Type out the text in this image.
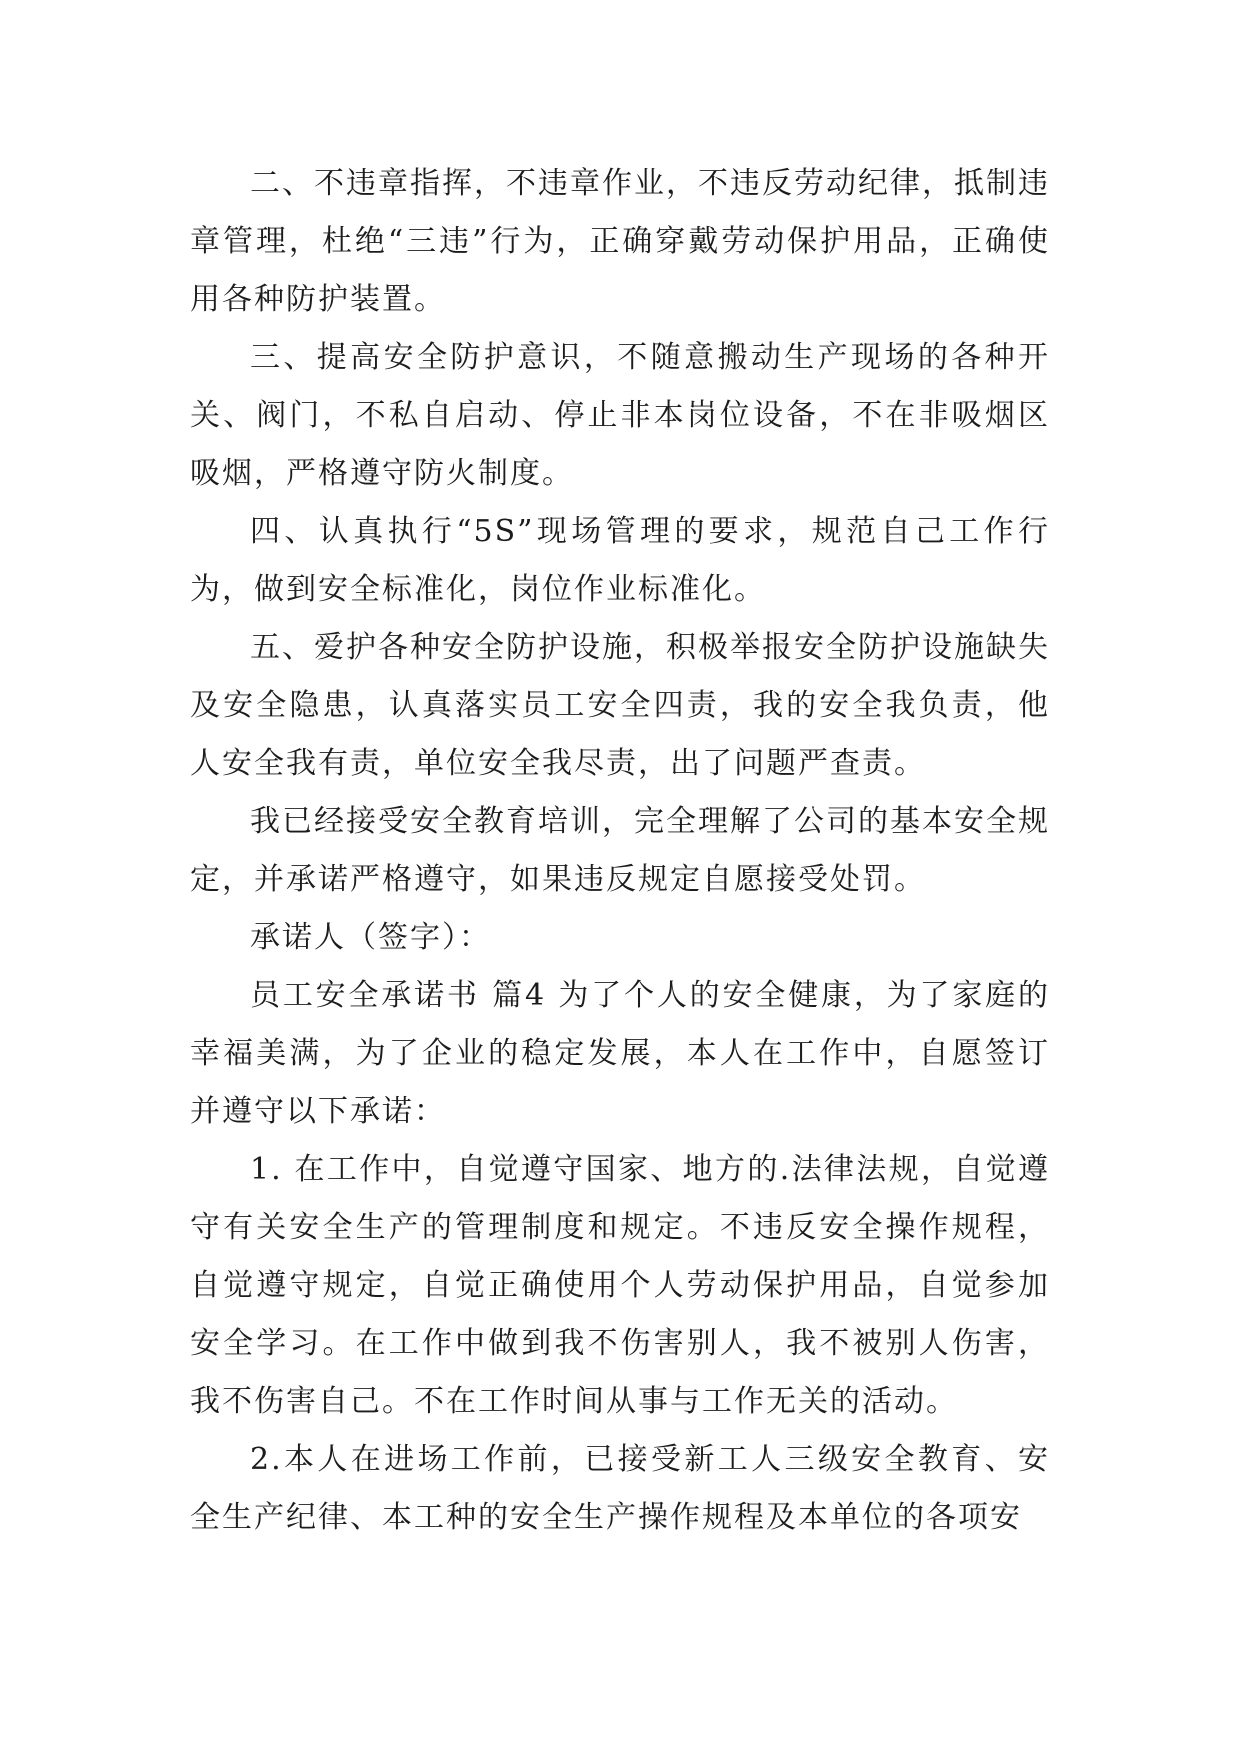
二、不违章指挥，不违章作业，不违反劳动纪律，抵制违章管理，杜绝“三违”行为，正确穿戴劳动保护用品，正确使用各种防护装置。

三、提高安全防护意识，不随意搬动生产现场的各种开关、阀门，不私自启动、停止非本岗位设备，不在非吸烟区吸烟，严格遵守防火制度。

四、认真执行“5S”现场管理的要求，规范自己工作行为，做到安全标准化，岗位作业标准化。

五、爱护各种安全防护设施，积极举报安全防护设施缺失及安全隐患，认真落实员工安全四责，我的安全我负责，他人安全我有责，单位安全我尽责，出了问题严查责。

我已经接受安全教育培训，完全理解了公司的基本安全规定，并承诺严格遵守，如果违反规定自愿接受处罚。

承诺人（签字）：

员工安全承诺书 篇4 为了个人的安全健康，为了家庭的幸福美满，为了企业的稳定发展，本人在工作中，自愿签订并遵守以下承诺：

1. 在工作中，自觉遵守国家、地方的.法律法规，自觉遵守有关安全生产的管理制度和规定。不违反安全操作规程，自觉遵守规定，自觉正确使用个人劳动保护用品，自觉参加安全学习。在工作中做到我不伤害别人，我不被别人伤害，我不伤害自己。不在工作时间从事与工作无关的活动。

2.本人在进场工作前，已接受新工人三级安全教育、安全生产纪律、本工种的安全生产操作规程及本单位的各项安
